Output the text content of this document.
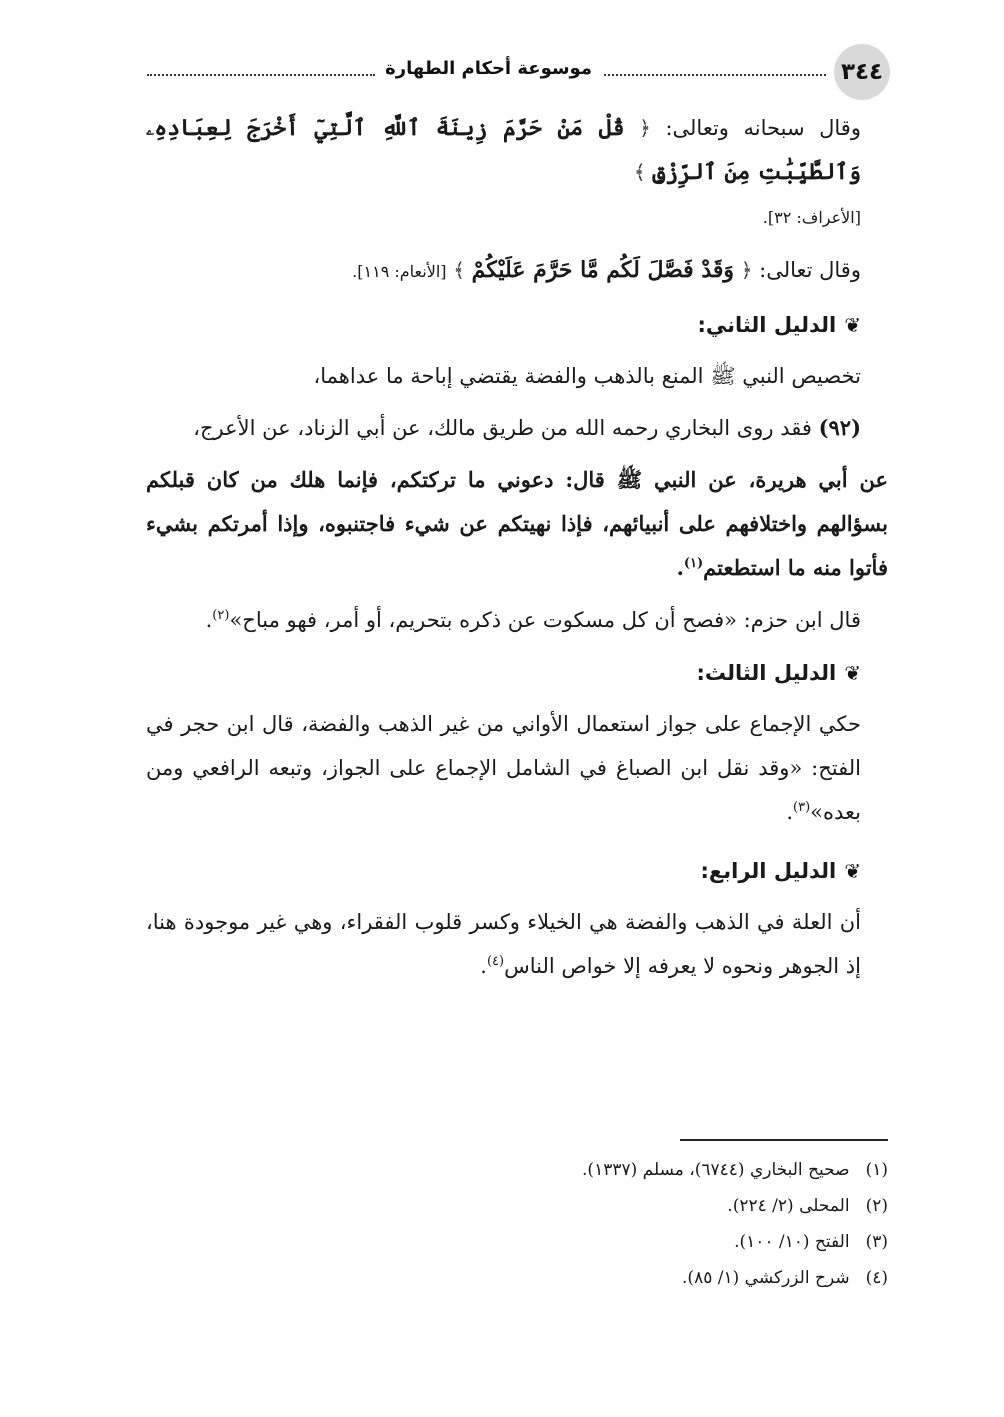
٣٤٤
موسوعة أحكام الطهارة

وقال سبحانه وتعالى: ﴿ قُلْ مَنْ حَرَّمَ زِينَةَ ٱللَّهِ ٱلَّتِيٓ أَخْرَجَ لِعِبَادِهِۦ وَٱلطَّيِّبَٰتِ مِنَ ٱلرِّزْقِ ﴾
[الأعراف: ٣٢].

وقال تعالى: ﴿ وَقَدْ فَصَّلَ لَكُم مَّا حَرَّمَ عَلَيْكُمْ ﴾ [الأنعام: ١١٩].

❦الدليل الثاني:

تخصيص النبي ﷺ المنع بالذهب والفضة يقتضي إباحة ما عداهما،

(٩٢) فقد روى البخاري رحمه الله من طريق مالك، عن أبي الزناد، عن الأعرج،

عن أبي هريرة، عن النبي ﷺ قال: دعوني ما تركتكم، فإنما هلك من كان قبلكم بسؤالهم واختلافهم على أنبيائهم، فإذا نهيتكم عن شيء فاجتنبوه، وإذا أمرتكم بشيء فأتوا منه ما استطعتم$^{(١)}$.

قال ابن حزم: «فصح أن كل مسكوت عن ذكره بتحريم، أو أمر، فهو مباح»$^{(٢)}$.

❦الدليل الثالث:

حكي الإجماع على جواز استعمال الأواني من غير الذهب والفضة، قال ابن حجر في الفتح: «وقد نقل ابن الصباغ في الشامل الإجماع على الجواز، وتبعه الرافعي ومن بعده»$^{(٣)}$.

❦الدليل الرابع:

أن العلة في الذهب والفضة هي الخيلاء وكسر قلوب الفقراء، وهي غير موجودة هنا، إذ الجوهر ونحوه لا يعرفه إلا خواص الناس$^{(٤)}$.

(١)صحيح البخاري (٦٧٤٤)، مسلم (١٣٣٧).

(٢)المحلى (٢/ ٢٢٤).

(٣)الفتح (١٠/ ١٠٠).

(٤)شرح الزركشي (١/ ٨٥).
